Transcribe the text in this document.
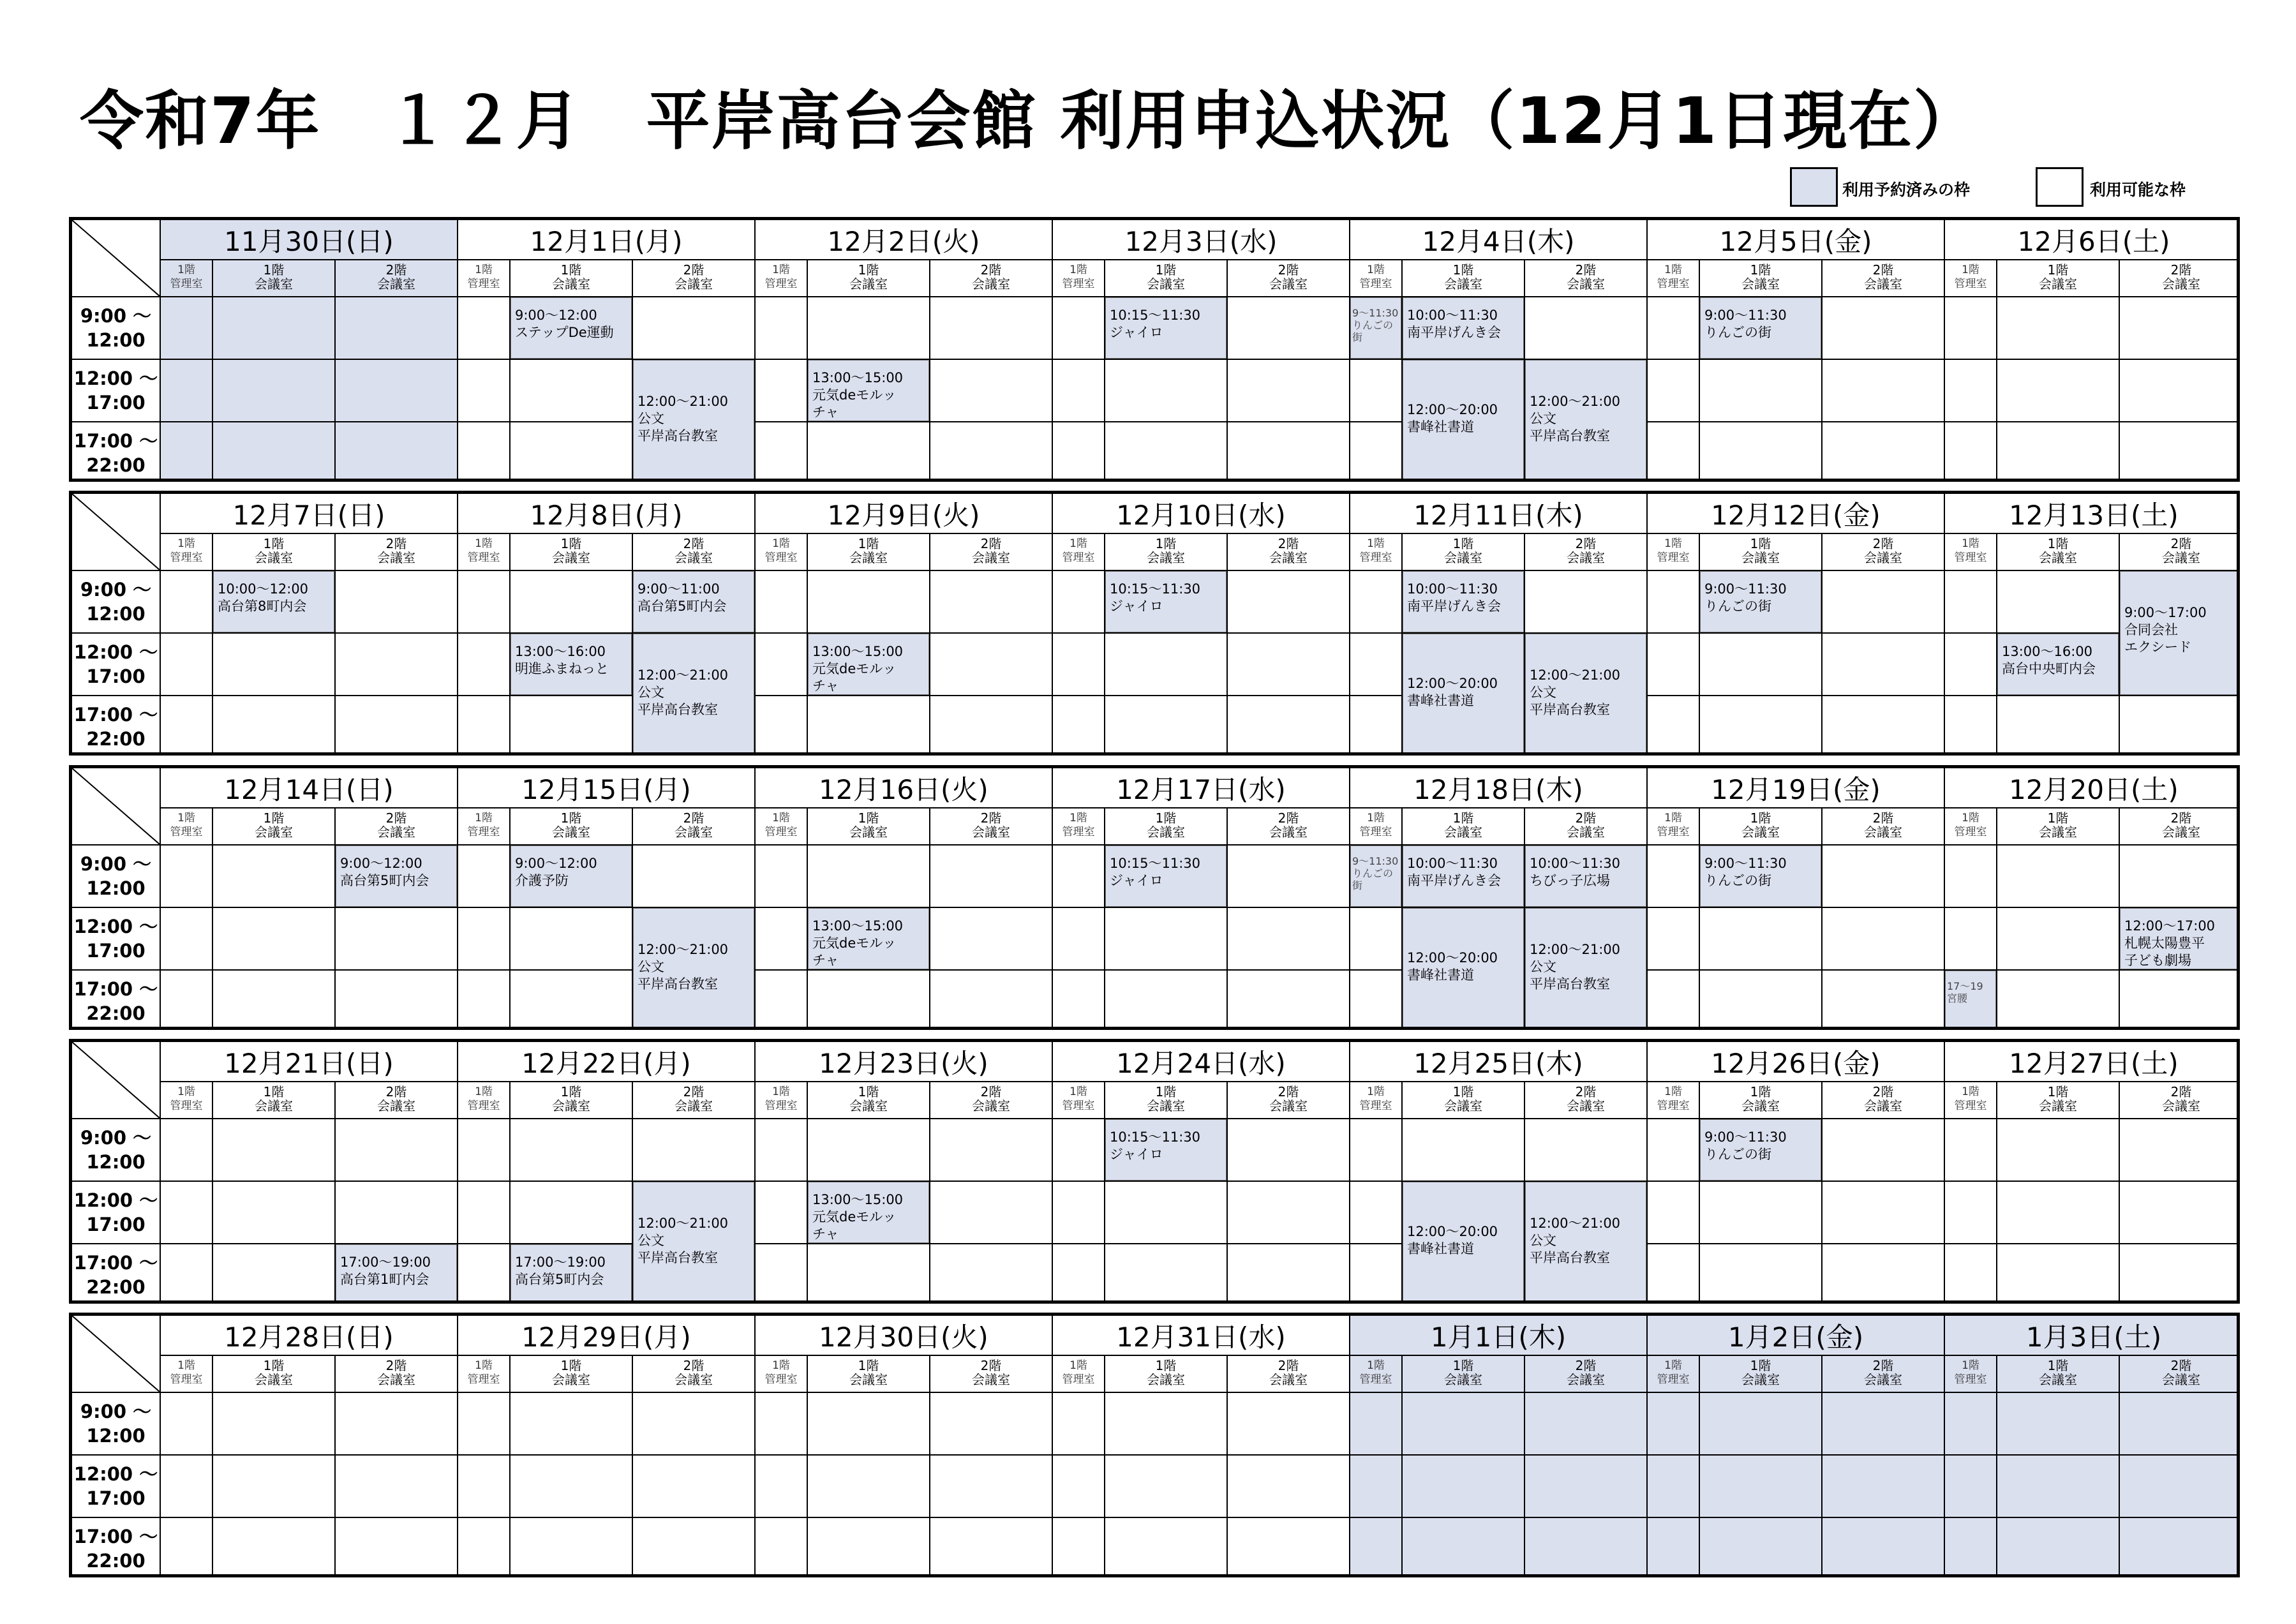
令和7年　１２月　平岸高台会館 利用申込状況（12月1日現在）
利用予約済みの枠	利用可能な枠
9:00 ～
12:00
12:00 ～
17:00
17:00 ～
22:00
11月30日(日)
1階
管理室
1階
会議室
2階
会議室
12月1日(月)
1階
管理室
1階
会議室
2階
会議室
9:00～12:00
ステップDe運動
12:00～21:00
公文
平岸高台教室
12月2日(火)
1階
管理室
1階
会議室
2階
会議室
13:00～15:00
元気deモルッ
チャ
12月3日(水)
1階
管理室
1階
会議室
2階
会議室
10:15～11:30
ジャイロ
12月4日(木)
1階
管理室
1階
会議室
2階
会議室
9～11:30
りんごの
街
10:00～11:30
南平岸げんき会
12:00～20:00
書峰社書道
12:00～21:00
公文
平岸高台教室
12月5日(金)
1階
管理室
1階
会議室
2階
会議室
9:00～11:30
りんごの街
12月6日(土)
1階
管理室
1階
会議室
2階
会議室
9:00 ～
12:00
12:00 ～
17:00
17:00 ～
22:00
12月7日(日)
1階
管理室
1階
会議室
2階
会議室
10:00～12:00
高台第8町内会
12月8日(月)
1階
管理室
1階
会議室
2階
会議室
9:00～11:00
高台第5町内会
13:00～16:00
明進ふまねっと	12:00～21:00
公文
平岸高台教室
12月9日(火)
1階
管理室
1階
会議室
2階
会議室
13:00～15:00
元気deモルッ
チャ
12月10日(水)
1階
管理室
1階
会議室
2階
会議室
10:15～11:30
ジャイロ
12月11日(木)
1階
管理室
1階
会議室
2階
会議室
10:00～11:30
南平岸げんき会
12:00～20:00
書峰社書道
12:00～21:00
公文
平岸高台教室
12月12日(金)
1階
管理室
1階
会議室
2階
会議室
9:00～11:30
りんごの街
12月13日(土)
1階
管理室
1階
会議室
2階
会議室
9:00～17:00
合同会社
エクシード
13:00～16:00
高台中央町内会
9:00 ～
12:00
12:00 ～
17:00
17:00 ～
22:00
12月14日(日)
1階
管理室
1階
会議室
2階
会議室
9:00～12:00
高台第5町内会
12月15日(月)
1階
管理室
1階
会議室
2階
会議室
9:00～12:00
介護予防
12:00～21:00
公文
平岸高台教室
12月16日(火)
1階
管理室
1階
会議室
2階
会議室
13:00～15:00
元気deモルッ
チャ
12月17日(水)
1階
管理室
1階
会議室
2階
会議室
10:15～11:30
ジャイロ
12月18日(木)
1階
管理室
1階
会議室
2階
会議室
9～11:30
りんごの
街
10:00～11:30
南平岸げんき会
10:00～11:30
ちびっ子広場
12:00～20:00
書峰社書道
12:00～21:00
公文
平岸高台教室
12月19日(金)
1階
管理室
1階
会議室
2階
会議室
9:00～11:30
りんごの街
12月20日(土)
1階
管理室
1階
会議室
2階
会議室
12:00～17:00
札幌太陽豊平
子ども劇場
17～19
宮腰
9:00 ～
12:00
12:00 ～
17:00
17:00 ～
22:00
12月21日(日)
1階
管理室
1階
会議室
2階
会議室
17:00～19:00
高台第1町内会
12月22日(月)
1階
管理室
1階
会議室
2階
会議室
12:00～21:00
公文
平岸高台教室
17:00～19:00
高台第5町内会
12月23日(火)
1階
管理室
1階
会議室
2階
会議室
13:00～15:00
元気deモルッ
チャ
12月24日(水)
1階
管理室
1階
会議室
2階
会議室
10:15～11:30
ジャイロ
12月25日(木)
1階
管理室
1階
会議室
2階
会議室
12:00～20:00
書峰社書道
12:00～21:00
公文
平岸高台教室
12月26日(金)
1階
管理室
1階
会議室
2階
会議室
9:00～11:30
りんごの街
12月27日(土)
1階
管理室
1階
会議室
2階
会議室
9:00 ～
12:00
12:00 ～
17:00
17:00 ～
22:00
12月28日(日)
1階
管理室
1階
会議室
2階
会議室
12月29日(月)
1階
管理室
1階
会議室
2階
会議室
12月30日(火)
1階
管理室
1階
会議室
2階
会議室
12月31日(水)
1階
管理室
1階
会議室
2階
会議室
1月1日(木)
1階
管理室
1階
会議室
2階
会議室
1月2日(金)
1階
管理室
1階
会議室
2階
会議室
1月3日(土)
1階
管理室
1階
会議室
2階
会議室
